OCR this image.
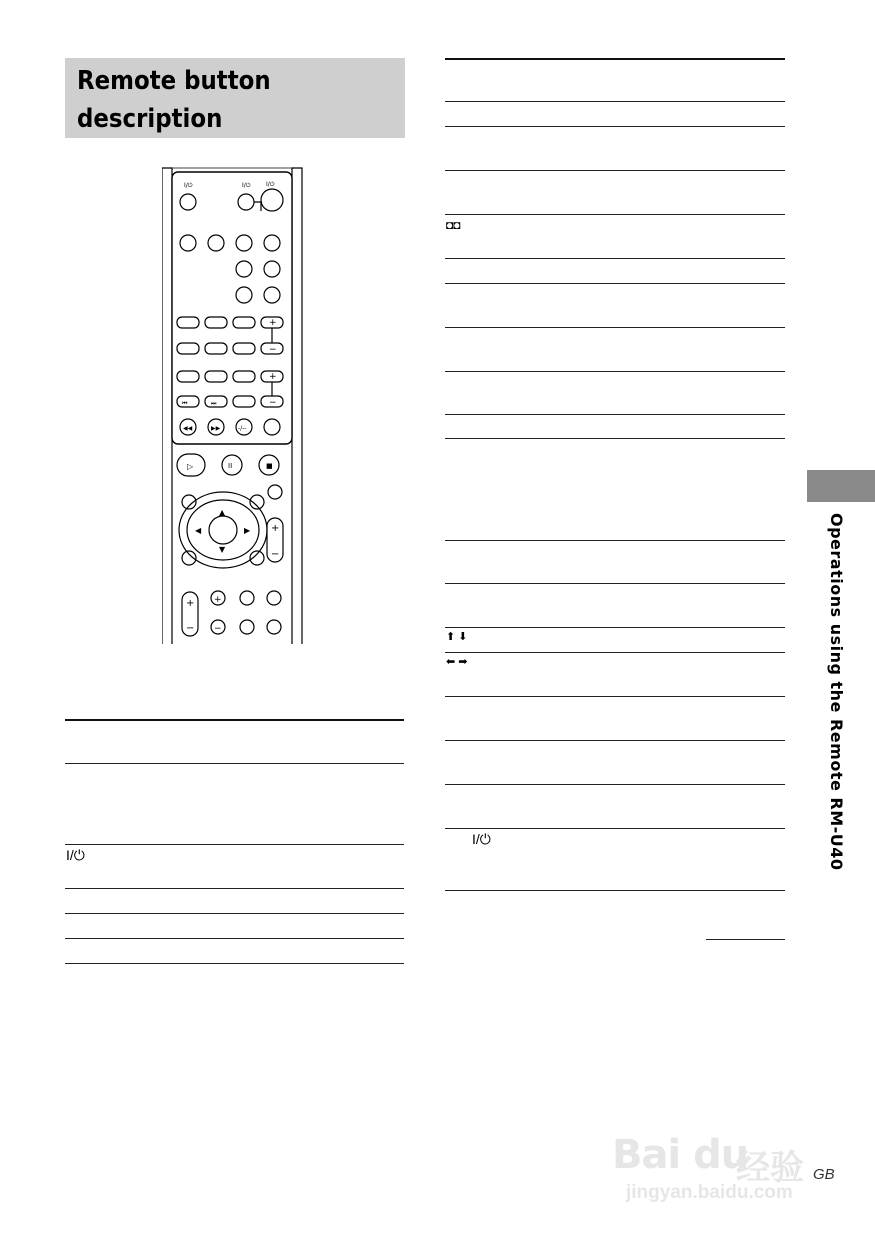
Remote button
description
I/⏻	I/⏻	I/⏻
+
−
+
−
⏮	⏭
◀◀	▶▶	-/--
▷	II	■
▲
▼
◀	▶ +
−
+
−
+
−
I/⏻
◘◘
⬆ ⬇
⬅ ➡
I/⏻	Operations using the Remote RM-U40
Bai du
经验
jingyan.baidu.com
GB
